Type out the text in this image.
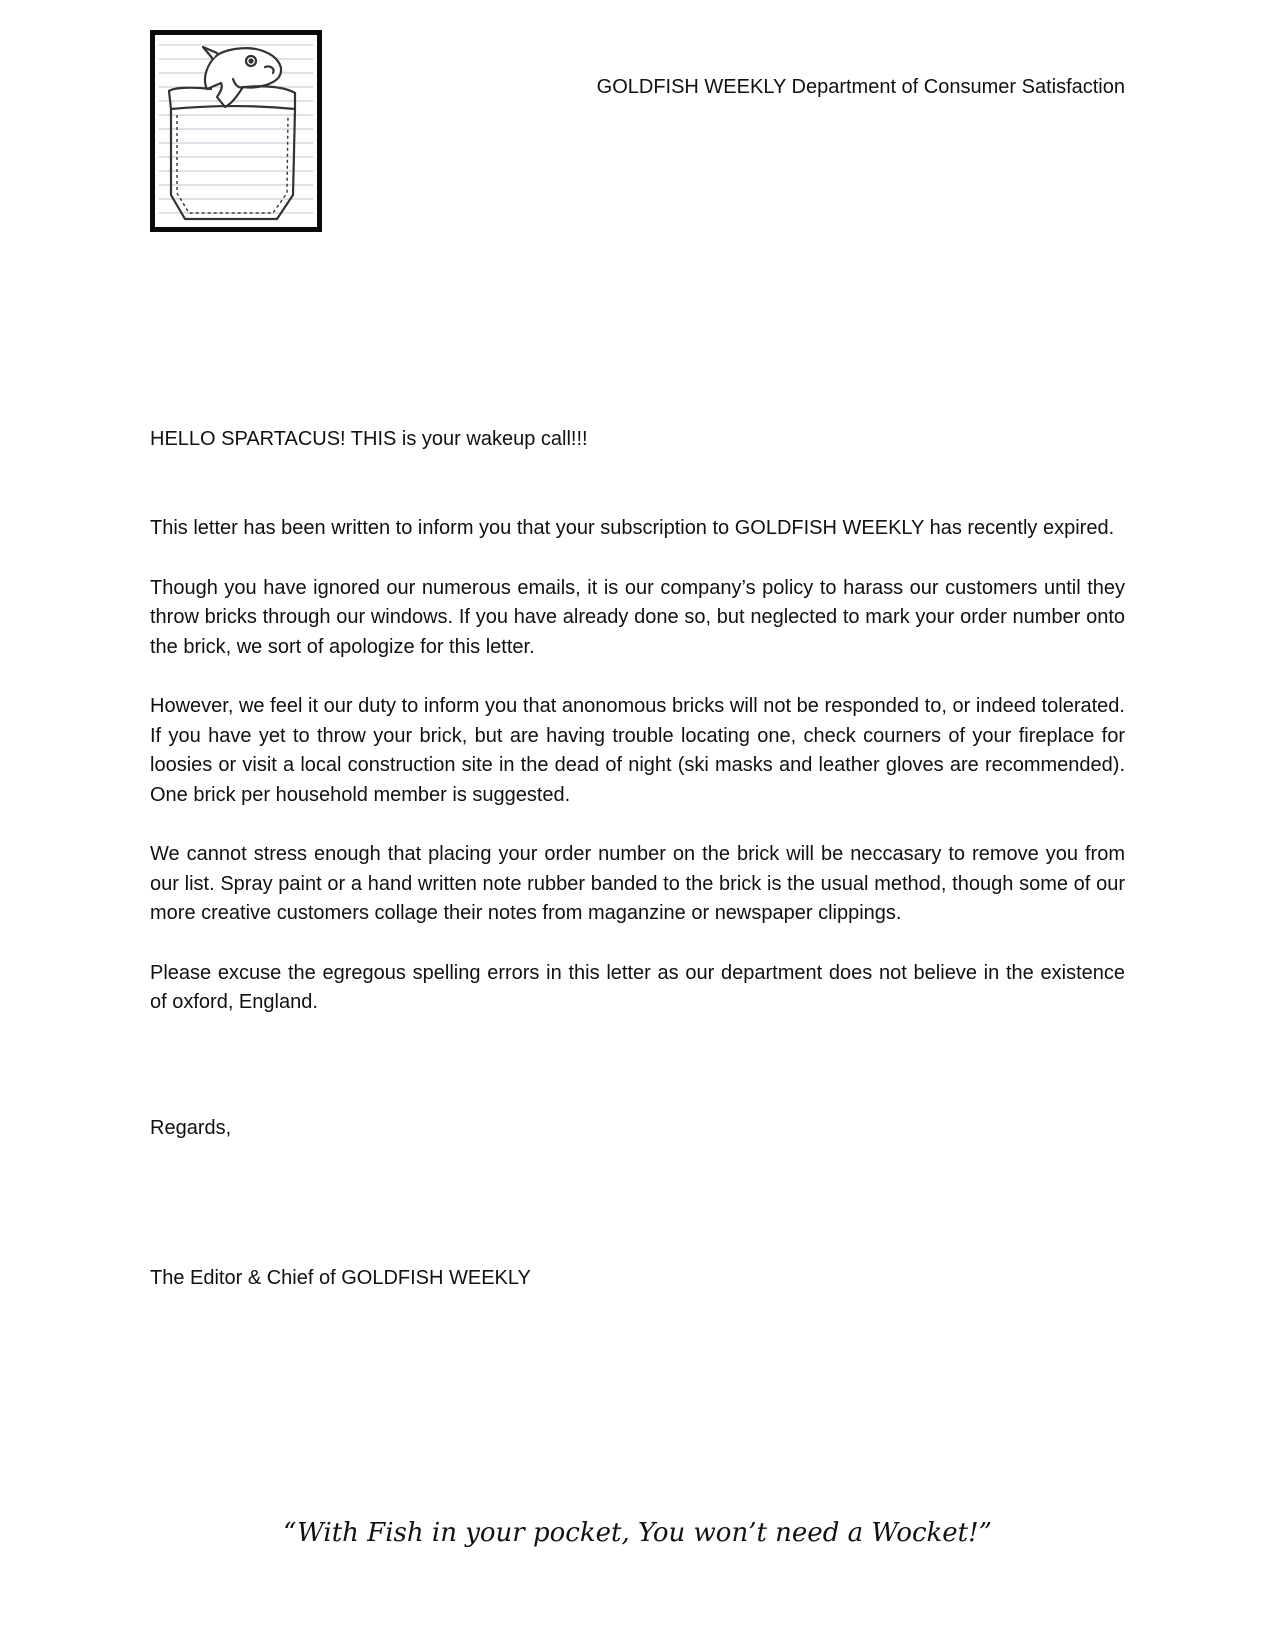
GOLDFISH WEEKLY Department of Consumer Satisfaction
HELLO SPARTACUS! THIS is your wakeup call!!!

This letter has been written to inform you that your subscription to GOLDFISH WEEKLY has recently expired.

Though you have ignored our numerous emails, it is our company’s policy to harass our customers until they throw bricks through our windows. If you have already done so, but neglected to mark your order number onto the brick, we sort of apologize for this letter.

However, we feel it our duty to inform you that anonomous bricks will not be responded to, or indeed tolerated. If you have yet to throw your brick, but are having trouble locating one, check courners of your fireplace for loosies or visit a local construction site in the dead of night (ski masks and leather gloves are recommended). One brick per household member is suggested.

We cannot stress enough that placing your order number on the brick will be neccasary to remove you from our list. Spray paint or a hand written note rubber banded to the brick is the usual method, though some of our more creative customers collage their notes from maganzine or newspaper clippings.

Please excuse the egregous spelling errors in this letter as our department does not believe in the existence of oxford, England.

Regards,
The Editor & Chief of GOLDFISH WEEKLY
“With Fish in your pocket, You won’t need a Wocket!”
